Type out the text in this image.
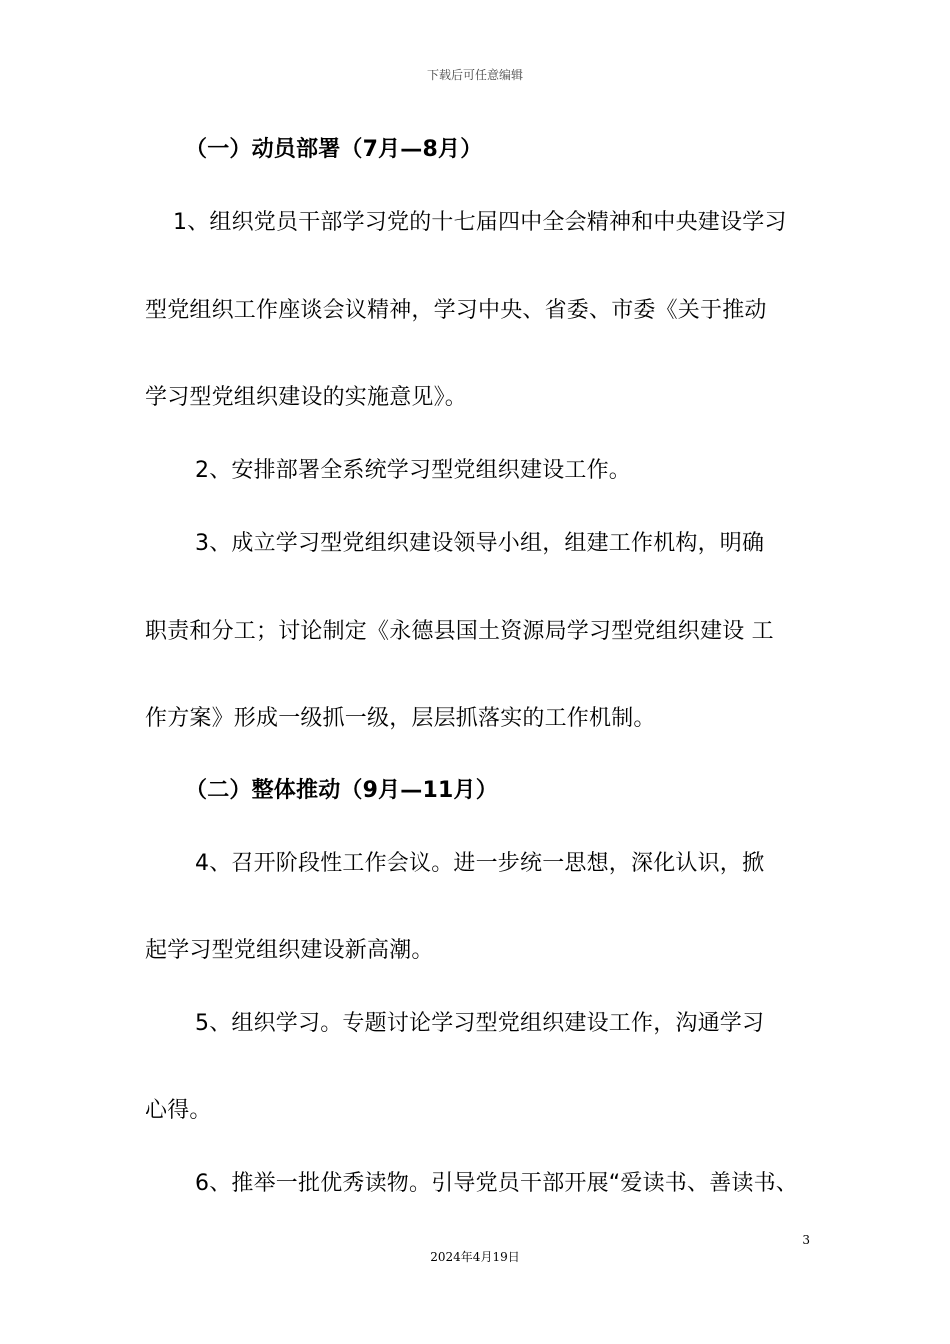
下载后可任意编辑
（一）动员部署（7月—8月）
1、组织党员干部学习党的十七届四中全会精神和中央建设学习
型党组织工作座谈会议精神，学习中央、省委、市委《关于推动
学习型党组织建设的实施意见》。
2、安排部署全系统学习型党组织建设工作。
3、成立学习型党组织建设领导小组，组建工作机构，明确
职责和分工；讨论制定《永德县国土资源局学习型党组织建设 工
作方案》形成一级抓一级，层层抓落实的工作机制。
（二）整体推动（9月—11月）
4、召开阶段性工作会议。进一步统一思想，深化认识，掀
起学习型党组织建设新高潮。
5、组织学习。专题讨论学习型党组织建设工作，沟通学习
心得。
6、推举一批优秀读物。引导党员干部开展“爱读书、善读书、
3
2024年4月19日
